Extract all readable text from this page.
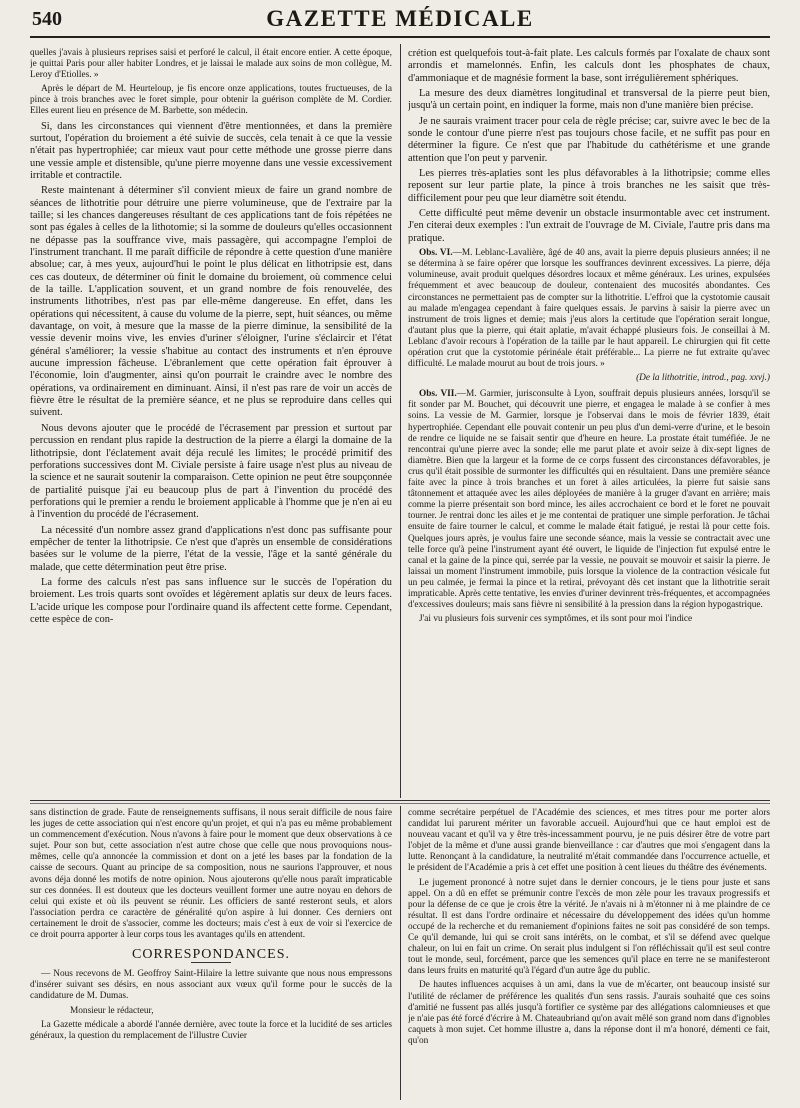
540	GAZETTE MÉDICALE

quelles j'avais à plusieurs reprises saisi et perforé le calcul, il était encore entier. A cette époque, je quittai Paris pour aller habiter Londres, et je laissai le malade aux soins de mon collègue, M. Leroy d'Etiolles. »

Après le départ de M. Heurteloup, je fis encore onze applications, toutes fructueuses, de la pince à trois branches avec le foret simple, pour obtenir la guérison complète de M. Cordier. Elles eurent lieu en présence de M. Barbette, son médecin.

Si, dans les circonstances qui viennent d'être mentionnées, et dans la première surtout, l'opération du broiement a été suivie de succès, cela tenait à ce que la vessie n'était pas hypertrophiée; car mieux vaut pour cette méthode une grosse pierre dans une vessie ample et distensible, qu'une pierre moyenne dans une vessie excessivement irritable et contractile.

Reste maintenant à déterminer s'il convient mieux de faire un grand nombre de séances de lithotritie pour détruire une pierre volumineuse, que de l'extraire par la taille; si les chances dangereuses résultant de ces applications tant de fois répétées ne sont pas égales à celles de la lithotomie; si la somme de douleurs qu'elles occasionnent ne dépasse pas la souffrance vive, mais passagère, qui accompagne l'emploi de l'instrument tranchant. Il me paraît difficile de répondre à cette question d'une manière absolue; car, à mes yeux, aujourd'hui le point le plus délicat en lithotripsie est, dans ces cas douteux, de déterminer où finit le domaine du broiement, où commence celui de la taille. L'application souvent, et un grand nombre de fois renouvelée, des instruments lithotribes, n'est pas par elle-même dangereuse. En effet, dans les opérations qui nécessitent, à cause du volume de la pierre, sept, huit séances, ou même davantage, on voit, à mesure que la masse de la pierre diminue, la sensibilité de la vessie devenir moins vive, les envies d'uriner s'éloigner, l'urine s'éclaircir et l'état général s'améliorer; la vessie s'habitue au contact des instruments et n'en éprouve aucune impression fâcheuse. L'ébranlement que cette opération fait éprouver à l'économie, loin d'augmenter, ainsi qu'on pourrait le craindre avec le nombre des opérations, va ordinairement en diminuant. Ainsi, il n'est pas rare de voir un accès de fièvre être le résultat de la première séance, et ne plus se reproduire dans celles qui suivent.

Nous devons ajouter que le procédé de l'écrasement par pression et surtout par percussion en rendant plus rapide la destruction de la pierre a élargi la domaine de la lithotripsie, dont l'éclatement avait déja reculé les limites; le procédé primitif des perforations successives dont M. Civiale persiste à faire usage n'est plus au niveau de la science et ne saurait soutenir la comparaison. Cette opinion ne peut être soupçonnée de partialité puisque j'ai eu beaucoup plus de part à l'invention du procédé des perforations qui le premier a rendu le broiement applicable à l'homme que je n'en ai eu à l'invention du procédé de l'écrasement.

La nécessité d'un nombre assez grand d'applications n'est donc pas suffisante pour empêcher de tenter la lithotripsie. Ce n'est que d'après un ensemble de considérations basées sur le volume de la pierre, l'état de la vessie, l'âge et la santé générale du malade, que cette détermination peut être prise.

La forme des calculs n'est pas sans influence sur le succès de l'opération du broiement. Les trois quarts sont ovoïdes et légèrement aplatis sur deux de leurs faces. L'acide urique les compose pour l'ordinaire quand ils affectent cette forme. Cependant, cette espèce de con-

crétion est quelquefois tout-à-fait plate. Les calculs formés par l'oxalate de chaux sont arrondis et mamelonnés. Enfin, les calculs dont les phosphates de chaux, d'ammoniaque et de magnésie forment la base, sont irrégulièrement sphériques.

La mesure des deux diamètres longitudinal et transversal de la pierre peut bien, jusqu'à un certain point, en indiquer la forme, mais non d'une manière bien précise.

Je ne saurais vraiment tracer pour cela de règle précise; car, suivre avec le bec de la sonde le contour d'une pierre n'est pas toujours chose facile, et ne suffit pas pour en déterminer la figure. Ce n'est que par l'habitude du cathétérisme et une grande attention que l'on peut y parvenir.

Les pierres très-aplaties sont les plus défavorables à la lithotripsie; comme elles reposent sur leur partie plate, la pince à trois branches ne les saisit que très-difficilement pour peu que leur diamètre soit étendu.

Cette difficulté peut même devenir un obstacle insurmontable avec cet instrument. J'en citerai deux exemples : l'un extrait de l'ouvrage de M. Civiale, l'autre pris dans ma pratique.

Obs. VI.—M. Leblanc-Lavalière, âgé de 40 ans, avait la pierre depuis plusieurs années; il ne se détermina à se faire opérer que lorsque les souffrances devinrent excessives. La pierre, déja volumineuse, avait produit quelques désordres locaux et même généraux. Les urines, expulsées fréquemment et avec beaucoup de douleur, contenaient des mucosités abondantes. Ces circonstances ne permettaient pas de compter sur la lithotritie. L'effroi que la cystotomie causait au malade m'engagea cependant à faire quelques essais. Je parvins à saisir la pierre avec un instrument de trois lignes et demie; mais j'eus alors la certitude que l'opération serait longue, d'autant plus que la pierre, qui était aplatie, m'avait échappé plusieurs fois. Je conseillai à M. Leblanc d'avoir recours à l'opération de la taille par le haut appareil. Le chirurgien qui fit cette opération crut que la cystotomie périnéale était préférable... La pierre ne fut extraite qu'avec difficulté. Le malade mourut au bout de trois jours. »

(De la lithotritie, introd., pag. xxvj.)

Obs. VII.—M. Garmier, jurisconsulte à Lyon, souffrait depuis plusieurs années, lorsqu'il se fit sonder par M. Bouchet, qui découvrit une pierre, et engagea le malade à se confier à mes soins. La vessie de M. Garmier, lorsque je l'observai dans le mois de février 1839, était hypertrophiée. Cependant elle pouvait contenir un peu plus d'un demi-verre d'urine, et le besoin de rendre ce liquide ne se faisait sentir que d'heure en heure. La prostate était tuméfiée. Je ne rencontrai qu'une pierre avec la sonde; elle me parut plate et avoir seize à dix-sept lignes de diamètre. Bien que la largeur et la forme de ce corps fussent des circonstances défavorables, je crus qu'il était possible de surmonter les difficultés qui en résultaient. Dans une première séance faite avec la pince à trois branches et un foret à ailes articulées, la pierre fut saisie sans tâtonnement et attaquée avec les ailes déployées de manière à la gruger d'avant en arrière; mais comme la pierre présentait son bord mince, les ailes accrochaient ce bord et le foret ne pouvait tourner. Je rentrai donc les ailes et je me contentai de pratiquer une simple perforation. Je tâchai ensuite de faire tourner le calcul, et comme le malade était fatigué, je restai là pour cette fois. Quelques jours après, je voulus faire une seconde séance, mais la vessie se contractait avec une telle force qu'à peine l'instrument ayant été ouvert, le liquide de l'injection fut expulsé entre le canal et la gaine de la pince qui, serrée par la vessie, ne pouvait se mouvoir et saisir la pierre. Je laissai un moment l'instrument immobile, puis lorsque la violence de la contraction vésicale fut un peu calmée, je fermai la pince et la retirai, prévoyant dès cet instant que la lithotritie serait impraticable. Après cette tentative, les envies d'uriner devinrent très-fréquentes, et accompagnées d'excessives douleurs; mais sans fièvre ni sensibilité à la pression dans la région hypogastrique.

J'ai vu plusieurs fois survenir ces symptômes, et ils sont pour moi l'indice

sans distinction de grade. Faute de renseignements suffisans, il nous serait difficile de nous faire les juges de cette association qui n'est encore qu'un projet, et qui n'a pas eu même probablement un commencement d'exécution. Nous n'avons à faire pour le moment que deux observations à ce sujet. Pour son but, cette association n'est autre chose que celle que nous provoquions nous-mêmes, celle qu'a annoncée la commission et dont on a jeté les bases par la fondation de la caisse de secours. Quant au principe de sa composition, nous ne saurions l'approuver, et nous avons déja donné les motifs de notre opinion. Nous ajouterons qu'elle nous paraît impraticable sur ces données. Il est douteux que les docteurs veuillent former une autre noyau en dehors de celui qui existe et où ils peuvent se réunir. Les officiers de santé resteront seuls, et alors l'association perdra ce caractère de généralité qu'on aspire à lui donner. Ces derniers ont certainement le droit de s'associer, comme les docteurs; mais c'est à eux de voir si l'exercice de ce droit pourra apporter à leur corps tous les avantages qu'ils en attendent.

CORRESPONDANCES.

— Nous recevons de M. Geoffroy Saint-Hilaire la lettre suivante que nous nous empressons d'insérer suivant ses désirs, en nous associant aux vœux qu'il forme pour le succès de la candidature de M. Dumas.

Monsieur le rédacteur,

La Gazette médicale a abordé l'année dernière, avec toute la force et la lucidité de ses articles généraux, la question du remplacement de l'illustre Cuvier

comme secrétaire perpétuel de l'Académie des sciences, et mes titres pour me porter alors candidat lui parurent mériter un favorable accueil. Aujourd'hui que ce haut emploi est de nouveau vacant et qu'il va y être très-incessamment pourvu, je ne puis désirer être de votre part l'objet de la même et d'une aussi grande bienveillance : car d'autres que moi s'engagent dans la lutte. Renonçant à la candidature, la neutralité m'était commandée dans l'occurrence actuelle, et le président de l'Académie a pris à cet effet une position à cent lieues du théâtre des événements.

Le jugement prononcé à notre sujet dans le dernier concours, je le tiens pour juste et sans appel. On a dû en effet se prémunir contre l'excès de mon zèle pour les travaux progressifs et pour la défense de ce que je crois être la vérité. Je n'avais ni à m'étonner ni à me plaindre de ce résultat. Il est dans l'ordre ordinaire et nécessaire du développement des idées qu'un homme occupé de la recherche et du remaniement d'opinions faites ne soit pas considéré de son temps. Ce qu'il demande, lui qui se croit sans intérêts, on le combat, et s'il se défend avec quelque chaleur, on lui en fait un crime. On serait plus indulgent si l'on réfléchissait qu'il est seul contre tout le monde, seul, forcément, parce que les semences qu'il place en terre ne se manifesteront dans leurs fruits en maturité qu'à l'égard d'un autre âge du public.

De hautes influences acquises à un ami, dans la vue de m'écarter, ont beaucoup insisté sur l'utilité de réclamer de préférence les qualités d'un sens rassis. J'aurais souhaité que ces soins d'amitié ne fussent pas allés jusqu'à fortifier ce système par des allégations calomnieuses et que je n'aie pas été forcé d'écrire à M. Chateaubriand qu'on avait mêlé son grand nom dans d'ignobles caquets à mon sujet. Cet homme illustre a, dans la réponse dont il m'a honoré, démenti ce fait, qu'on
